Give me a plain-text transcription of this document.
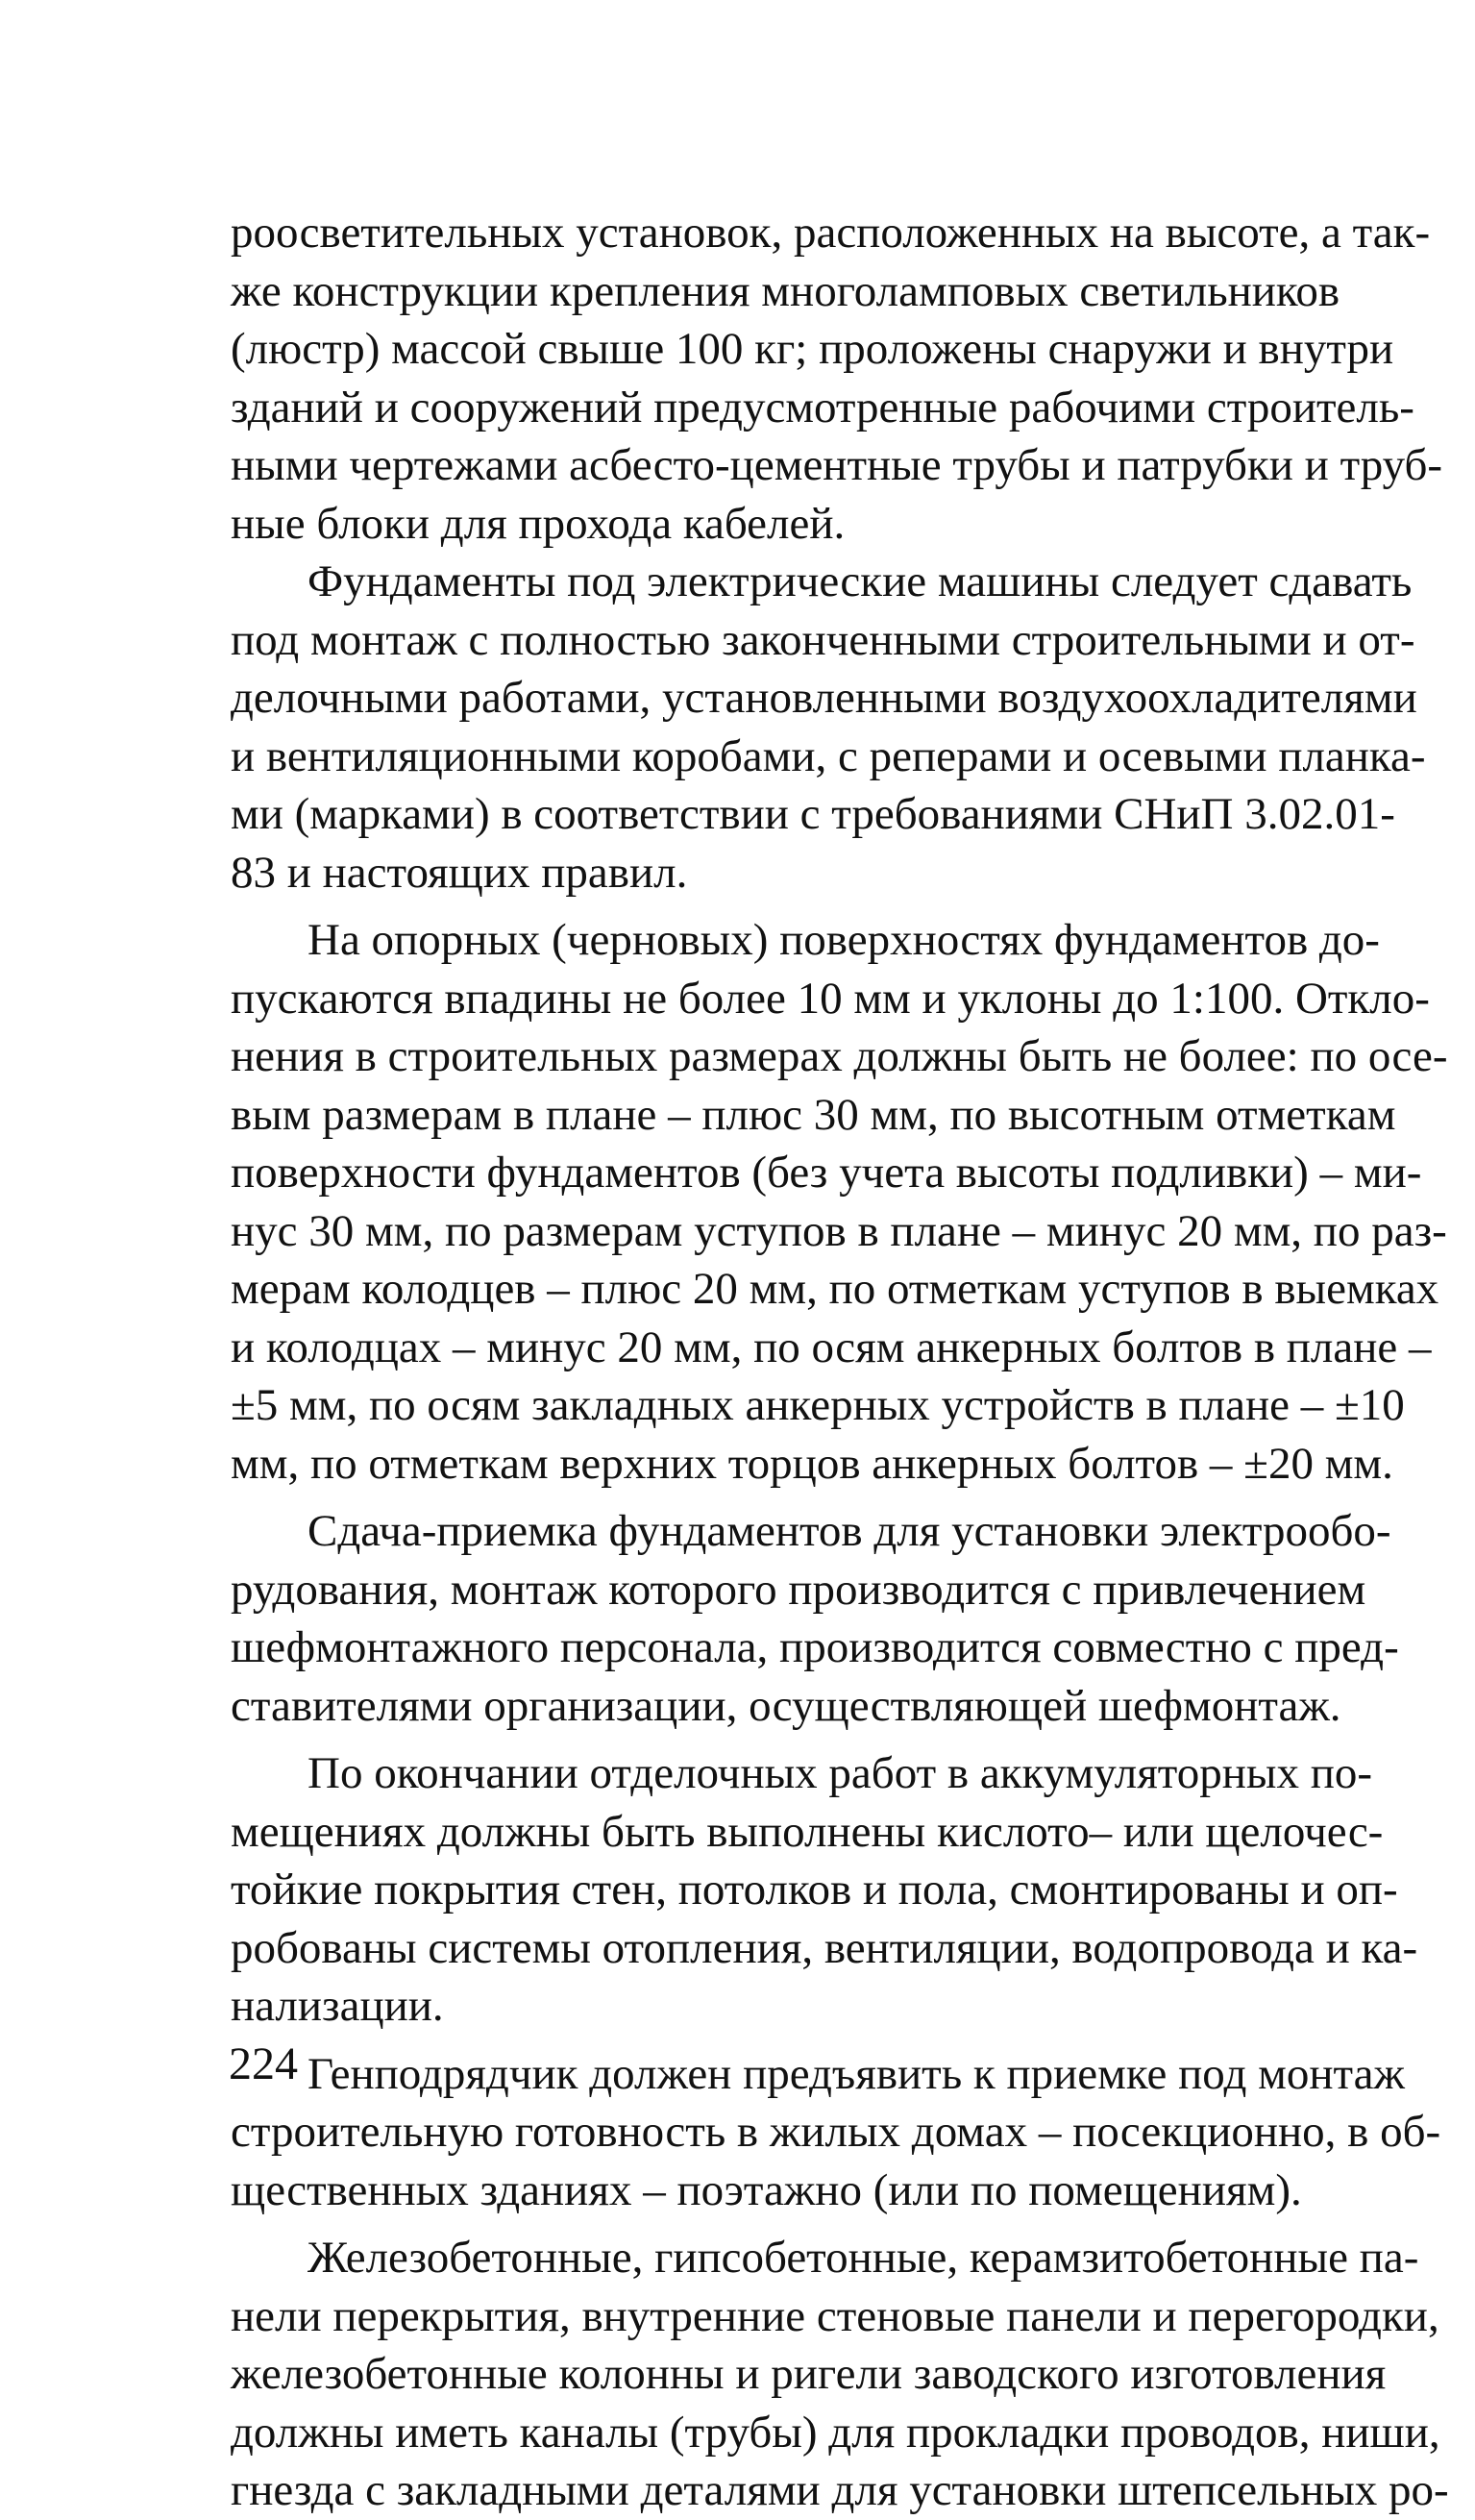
роосветительных установок, расположенных на высоте, а так-
же конструкции крепления многоламповых светильников
(люстр) массой свыше 100 кг; проложены снаружи и внутри
зданий и сооружений предусмотренные рабочими строитель-
ными чертежами асбесто-цементные трубы и патрубки и труб-
ные блоки для прохода кабелей.
Фундаменты под электрические машины следует сдавать
под монтаж с полностью законченными строительными и от-
делочными работами, установленными воздухоохладителями
и вентиляционными коробами, с реперами и осевыми планка-
ми (марками) в соответствии с требованиями СНиП 3.02.01-
83 и настоящих правил.
На опорных (черновых) поверхностях фундаментов до-
пускаются впадины не более 10 мм и уклоны до 1:100. Откло-
нения в строительных размерах должны быть не более: по осе-
вым размерам в плане – плюс 30 мм, по высотным отметкам
поверхности фундаментов (без учета высоты подливки) – ми-
нус 30 мм, по размерам уступов в плане – минус 20 мм, по раз-
мерам колодцев – плюс 20 мм, по отметкам уступов в выемках
и колодцах – минус 20 мм, по осям анкерных болтов в плане –
±5 мм, по осям закладных анкерных устройств в плане – ±10
мм, по отметкам верхних торцов анкерных болтов – ±20 мм.
Сдача-приемка фундаментов для установки электрообо-
рудования, монтаж которого производится с привлечением
шефмонтажного персонала, производится совместно с пред-
ставителями организации, осуществляющей шефмонтаж.
По окончании отделочных работ в аккумуляторных по-
мещениях должны быть выполнены кислото– или щелочес-
тойкие покрытия стен, потолков и пола, смонтированы и оп-
робованы системы отопления, вентиляции, водопровода и ка-
нализации.
Генподрядчик должен предъявить к приемке под монтаж
строительную готовность в жилых домах – посекционно, в об-
щественных зданиях – поэтажно (или по помещениям).
Железобетонные, гипсобетонные, керамзитобетонные па-
нели перекрытия, внутренние стеновые панели и перегородки,
железобетонные колонны и ригели заводского изготовления
должны иметь каналы (трубы) для прокладки проводов, ниши,
гнезда с закладными деталями для установки штепсельных ро-
224
